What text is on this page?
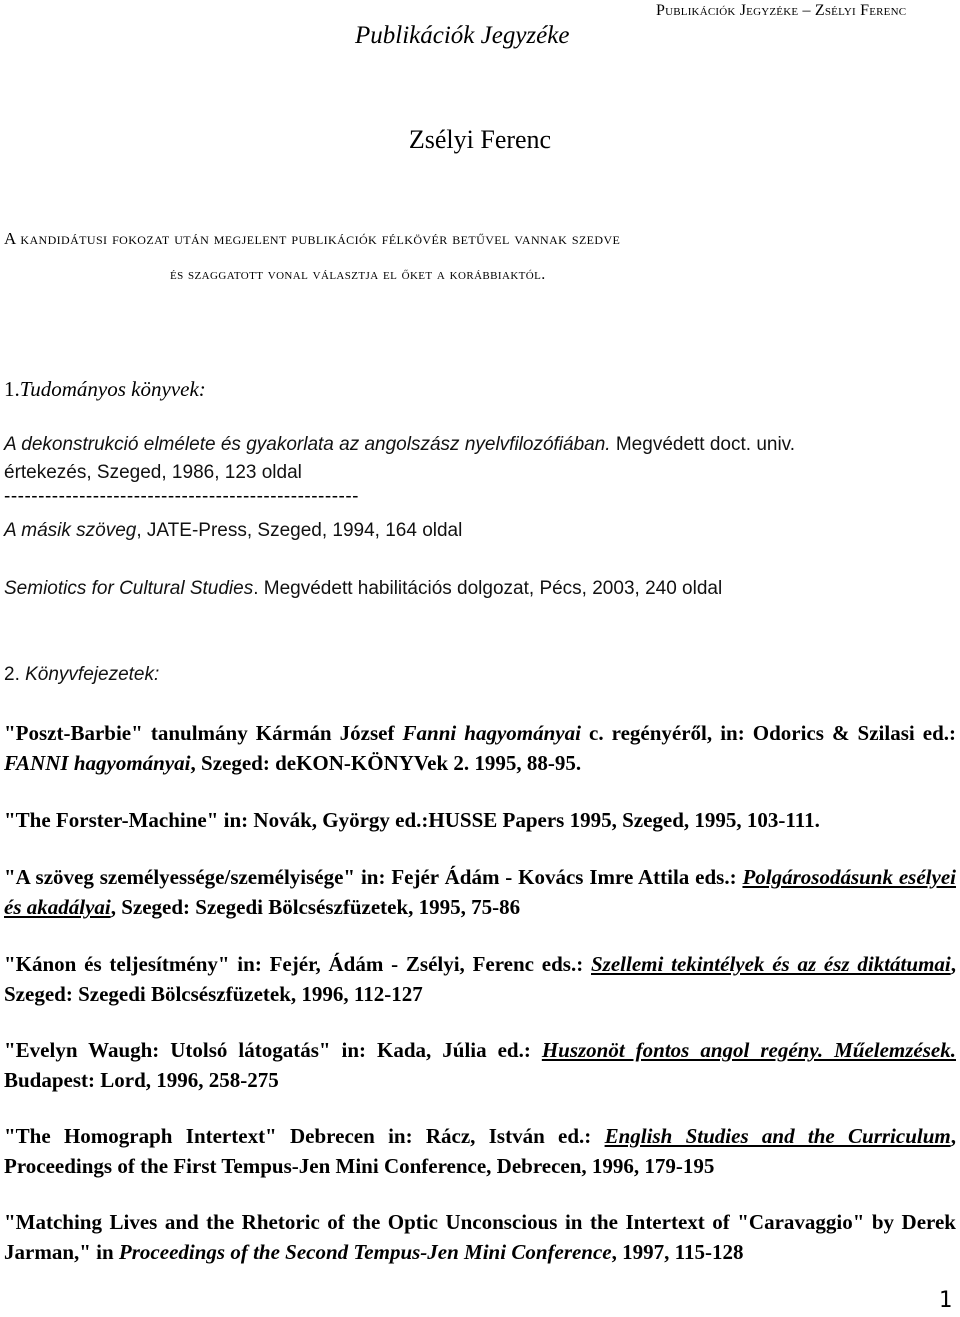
Publikációk Jegyzéke
Publikációk Jegyzéke – Zsélyi Ferenc
Zsélyi Ferenc
A kandidátusi fokozat után megjelent publikációk félkövér betűvel vannak szedve
és szaggatott vonal választja el őket a korábbiaktól.
1.Tudományos könyvek:
A dekonstrukció elmélete és gyakorlata az angolszász nyelvfilozófiában. Megvédett doct. univ.
értekezés, Szeged, 1986, 123 oldal
----------------------------------------------------
A másik szöveg, JATE-Press, Szeged, 1994, 164 oldal
Semiotics for Cultural Studies. Megvédett habilitációs dolgozat, Pécs, 2003, 240 oldal
2. Könyvfejezetek:
"Poszt-Barbie" tanulmány Kármán József Fanni hagyományai c. regényéről, in: Odorics & Szilasi ed.: FANNI hagyományai, Szeged: deKON-KÖNYVek 2. 1995, 88-95.
"The Forster-Machine" in: Novák, György ed.:HUSSE Papers 1995, Szeged, 1995, 103-111.
"A szöveg személyessége/személyisége" in: Fejér Ádám - Kovács Imre Attila eds.: Polgárosodásunk esélyei és akadályai, Szeged: Szegedi Bölcsészfüzetek, 1995, 75-86
"Kánon és teljesítmény" in: Fejér, Ádám - Zsélyi, Ferenc eds.: Szellemi tekintélyek és az ész diktátumai, Szeged: Szegedi Bölcsészfüzetek, 1996, 112-127
"Evelyn Waugh: Utolsó látogatás" in: Kada, Júlia ed.: Huszonöt fontos angol regény. Műelemzések. Budapest: Lord, 1996, 258-275
"The Homograph Intertext" Debrecen in: Rácz, István ed.: English Studies and the Curriculum, Proceedings of the First Tempus-Jen Mini Conference, Debrecen, 1996, 179-195
"Matching Lives and the Rhetoric of the Optic Unconscious in the Intertext of "Caravaggio" by Derek Jarman," in Proceedings of the Second Tempus-Jen Mini Conference, 1997, 115-128
1
